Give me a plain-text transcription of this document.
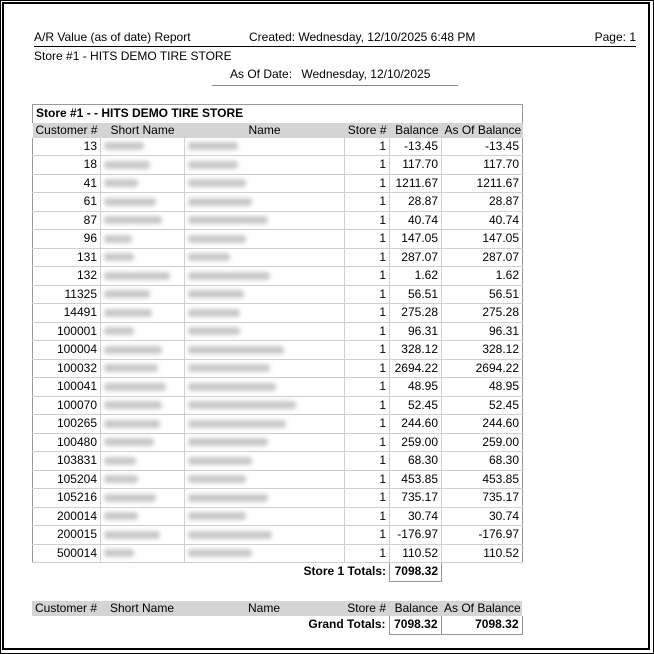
A/R Value (as of date) Report	Created: Wednesday, 12/10/2025 6:48 PM	Page: 1
Store #1 - HITS DEMO TIRE STORE
As Of Date: Wednesday, 12/10/2025
Store #1 - - HITS DEMO TIRE STORE					
Customer #	Short Name	Name	Store #	Balance	As Of Balance
13			1	-13.45	-13.45
18			1	117.70	117.70
41			1	1211.67	1211.67
61			1	28.87	28.87
87			1	40.74	40.74
96			1	147.05	147.05
131			1	287.07	287.07
132			1	1.62	1.62
11325			1	56.51	56.51
14491			1	275.28	275.28
100001			1	96.31	96.31
100004			1	328.12	328.12
100032			1	2694.22	2694.22
100041			1	48.95	48.95
100070			1	52.45	52.45
100265			1	244.60	244.60
100480			1	259.00	259.00
103831			1	68.30	68.30
105204			1	453.85	453.85
105216			1	735.17	735.17
200014			1	30.74	30.74
200015			1	-176.97	-176.97
500014			1	110.52	110.52
Store 1 Totals:				7098.32	
Customer #	Short Name	Name	Store #	Balance	As Of Balance
Grand Totals:				7098.32	7098.32
